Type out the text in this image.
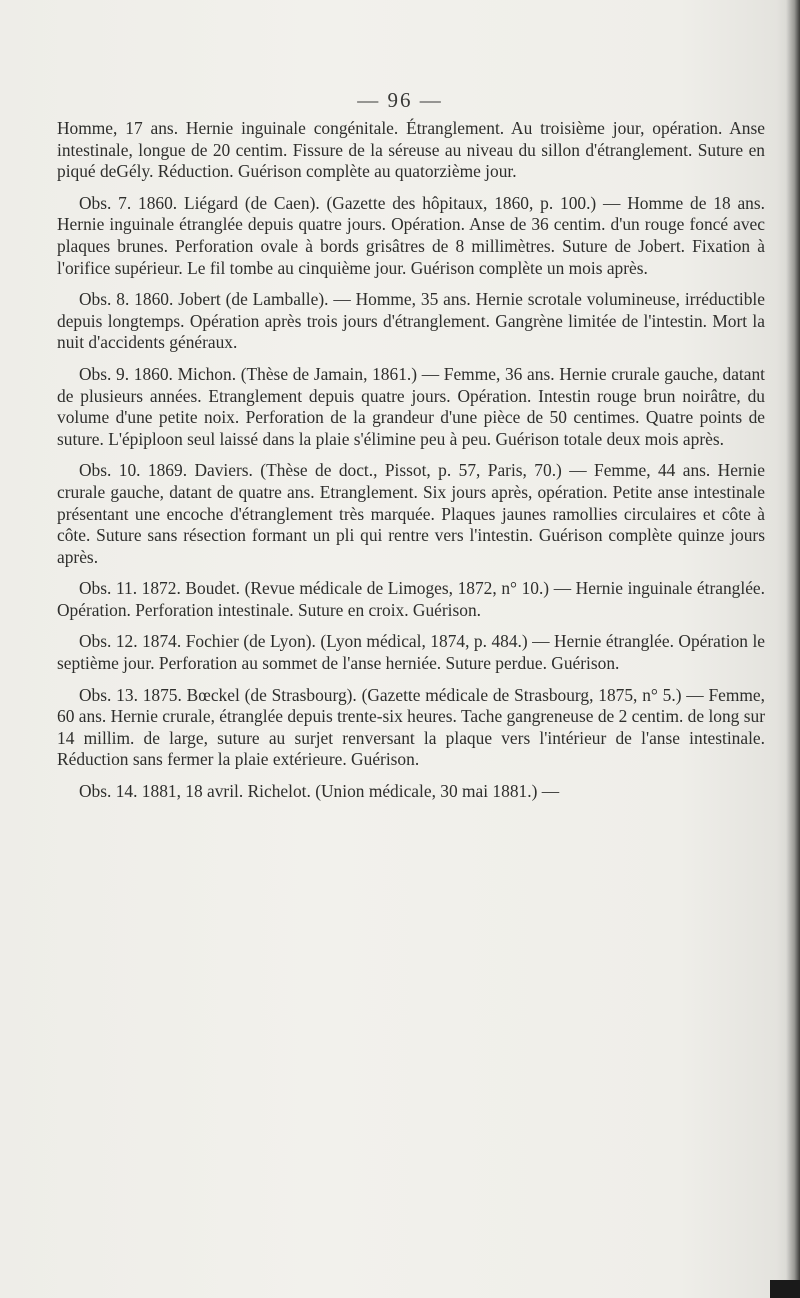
— 96 —

Homme, 17 ans. Hernie inguinale congénitale. Étranglement. Au troisième jour, opération. Anse intestinale, longue de 20 centim. Fissure de la séreuse au niveau du sillon d'étranglement. Suture en piqué deGély. Réduction. Guérison complète au quatorzième jour.

Obs. 7. 1860. Liégard (de Caen). (Gazette des hôpitaux, 1860, p. 100.) — Homme de 18 ans. Hernie inguinale étranglée depuis quatre jours. Opération. Anse de 36 centim. d'un rouge foncé avec plaques brunes. Perforation ovale à bords grisâtres de 8 millimètres. Suture de Jobert. Fixation à l'orifice supérieur. Le fil tombe au cinquième jour. Guérison complète un mois après.

Obs. 8. 1860. Jobert (de Lamballe). — Homme, 35 ans. Hernie scrotale volumineuse, irréductible depuis longtemps. Opération après trois jours d'étranglement. Gangrène limitée de l'intestin. Mort la nuit d'accidents généraux.

Obs. 9. 1860. Michon. (Thèse de Jamain, 1861.) — Femme, 36 ans. Hernie crurale gauche, datant de plusieurs années. Etranglement depuis quatre jours. Opération. Intestin rouge brun noirâtre, du volume d'une petite noix. Perforation de la grandeur d'une pièce de 50 centimes. Quatre points de suture. L'épiploon seul laissé dans la plaie s'élimine peu à peu. Guérison totale deux mois après.

Obs. 10. 1869. Daviers. (Thèse de doct., Pissot, p. 57, Paris, 70.) — Femme, 44 ans. Hernie crurale gauche, datant de quatre ans. Etranglement. Six jours après, opération. Petite anse intestinale présentant une encoche d'étranglement très marquée. Plaques jaunes ramollies circulaires et côte à côte. Suture sans résection formant un pli qui rentre vers l'intestin. Guérison complète quinze jours après.

Obs. 11. 1872. Boudet. (Revue médicale de Limoges, 1872, n° 10.) — Hernie inguinale étranglée. Opération. Perforation intestinale. Suture en croix. Guérison.

Obs. 12. 1874. Fochier (de Lyon). (Lyon médical, 1874, p. 484.) — Hernie étranglée. Opération le septième jour. Perforation au sommet de l'anse herniée. Suture perdue. Guérison.

Obs. 13. 1875. Bœckel (de Strasbourg). (Gazette médicale de Strasbourg, 1875, n° 5.) — Femme, 60 ans. Hernie crurale, étranglée depuis trente-six heures. Tache gangreneuse de 2 centim. de long sur 14 millim. de large, suture au surjet renversant la plaque vers l'intérieur de l'anse intestinale. Réduction sans fermer la plaie extérieure. Guérison.

Obs. 14. 1881, 18 avril. Richelot. (Union médicale, 30 mai 1881.) —
